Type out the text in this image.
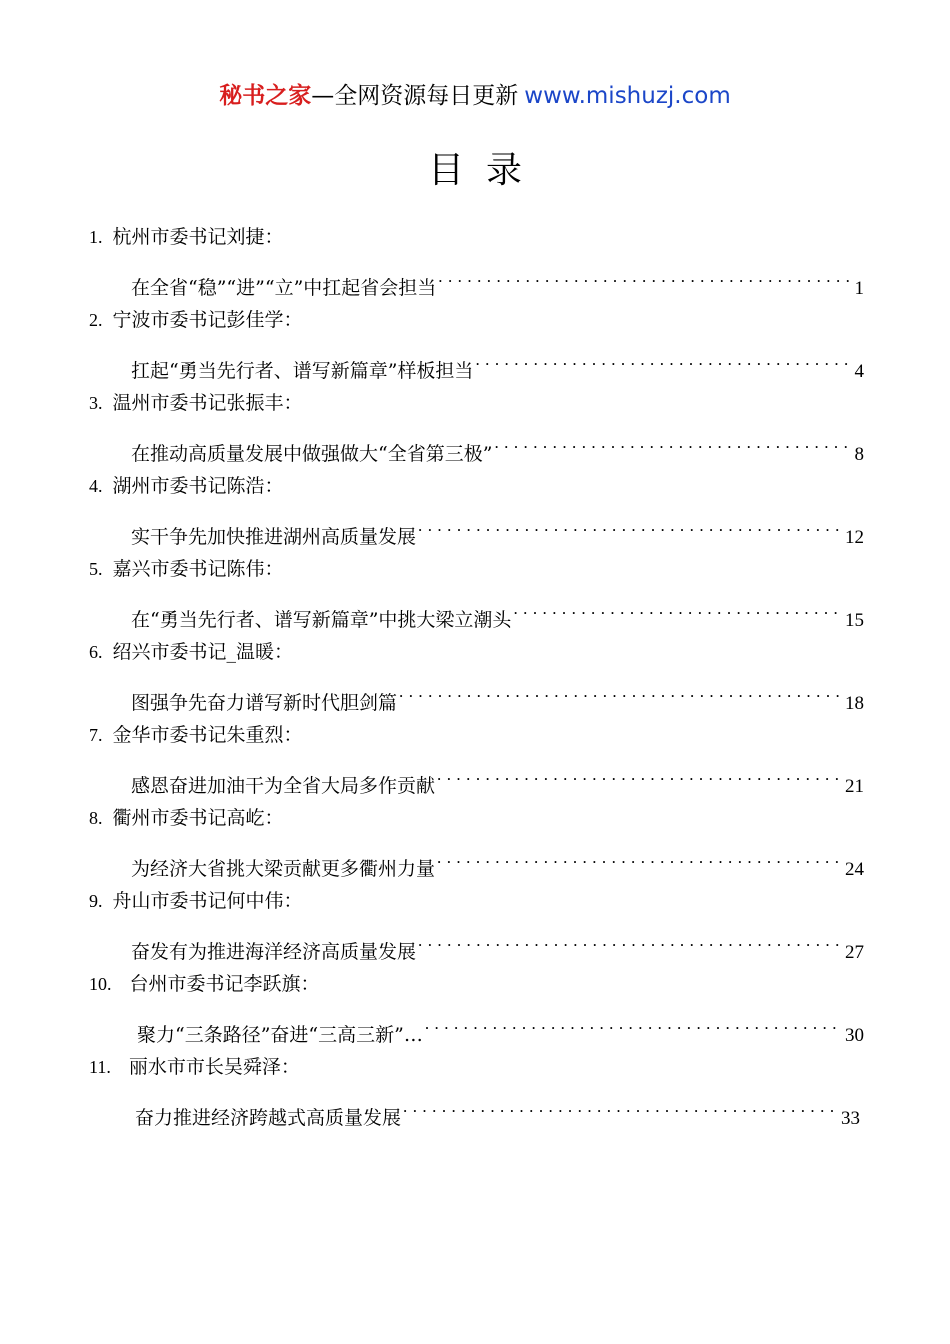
秘书之家—全网资源每日更新 www.mishuzj.com
目录
1. 杭州市委书记刘捷：
在全省“稳”“进”“立”中扛起省会担当 . . .	1
2. 宁波市委书记彭佳学：
扛起“勇当先行者、谱写新篇章”样板担当 . . .	4
3. 温州市委书记张振丰：
在推动高质量发展中做强做大“全省第三极” . . .	8
4. 湖州市委书记陈浩：
实干争先加快推进湖州高质量发展 . . .	12
5. 嘉兴市委书记陈伟：
在“勇当先行者、谱写新篇章”中挑大梁立潮头 . . .	15
6. 绍兴市委书记_温暖：
图强争先奋力谱写新时代胆剑篇 . . .	18
7. 金华市委书记朱重烈：
感恩奋进加油干为全省大局多作贡献 . . .	21
8. 衢州市委书记高屹：
为经济大省挑大梁贡献更多衢州力量 . . .	24
9. 舟山市委书记何中伟：
奋发有为推进海洋经济高质量发展 . . .	27
10. 台州市委书记李跃旗：
聚力“三条路径”奋进“三高三新”… . . .	30
11. 丽水市市长吴舜泽：
奋力推进经济跨越式高质量发展 . . .	33
